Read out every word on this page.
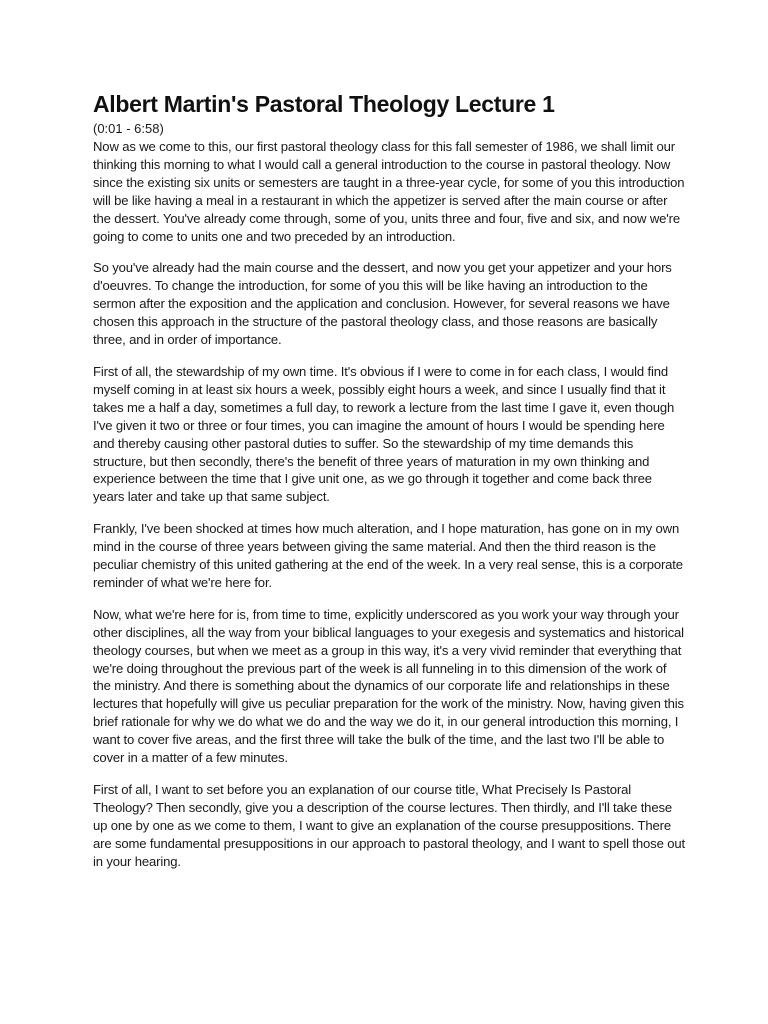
Albert Martin's Pastoral Theology Lecture 1
(0:01 - 6:58)

Now as we come to this, our first pastoral theology class for this fall semester of 1986, we shall limit our thinking this morning to what I would call a general introduction to the course in pastoral theology. Now since the existing six units or semesters are taught in a three-year cycle, for some of you this introduction will be like having a meal in a restaurant in which the appetizer is served after the main course or after the dessert. You've already come through, some of you, units three and four, five and six, and now we're going to come to units one and two preceded by an introduction.

So you've already had the main course and the dessert, and now you get your appetizer and your hors d'oeuvres. To change the introduction, for some of you this will be like having an introduction to the sermon after the exposition and the application and conclusion. However, for several reasons we have chosen this approach in the structure of the pastoral theology class, and those reasons are basically three, and in order of importance.

First of all, the stewardship of my own time. It's obvious if I were to come in for each class, I would find myself coming in at least six hours a week, possibly eight hours a week, and since I usually find that it takes me a half a day, sometimes a full day, to rework a lecture from the last time I gave it, even though I've given it two or three or four times, you can imagine the amount of hours I would be spending here and thereby causing other pastoral duties to suffer. So the stewardship of my time demands this structure, but then secondly, there's the benefit of three years of maturation in my own thinking and experience between the time that I give unit one, as we go through it together and come back three years later and take up that same subject.

Frankly, I've been shocked at times how much alteration, and I hope maturation, has gone on in my own mind in the course of three years between giving the same material. And then the third reason is the peculiar chemistry of this united gathering at the end of the week. In a very real sense, this is a corporate reminder of what we're here for.

Now, what we're here for is, from time to time, explicitly underscored as you work your way through your other disciplines, all the way from your biblical languages to your exegesis and systematics and historical theology courses, but when we meet as a group in this way, it's a very vivid reminder that everything that we're doing throughout the previous part of the week is all funneling in to this dimension of the work of the ministry. And there is something about the dynamics of our corporate life and relationships in these lectures that hopefully will give us peculiar preparation for the work of the ministry. Now, having given this brief rationale for why we do what we do and the way we do it, in our general introduction this morning, I want to cover five areas, and the first three will take the bulk of the time, and the last two I'll be able to cover in a matter of a few minutes.

First of all, I want to set before you an explanation of our course title, What Precisely Is Pastoral Theology? Then secondly, give you a description of the course lectures. Then thirdly, and I'll take these up one by one as we come to them, I want to give an explanation of the course presuppositions. There are some fundamental presuppositions in our approach to pastoral theology, and I want to spell those out in your hearing.
